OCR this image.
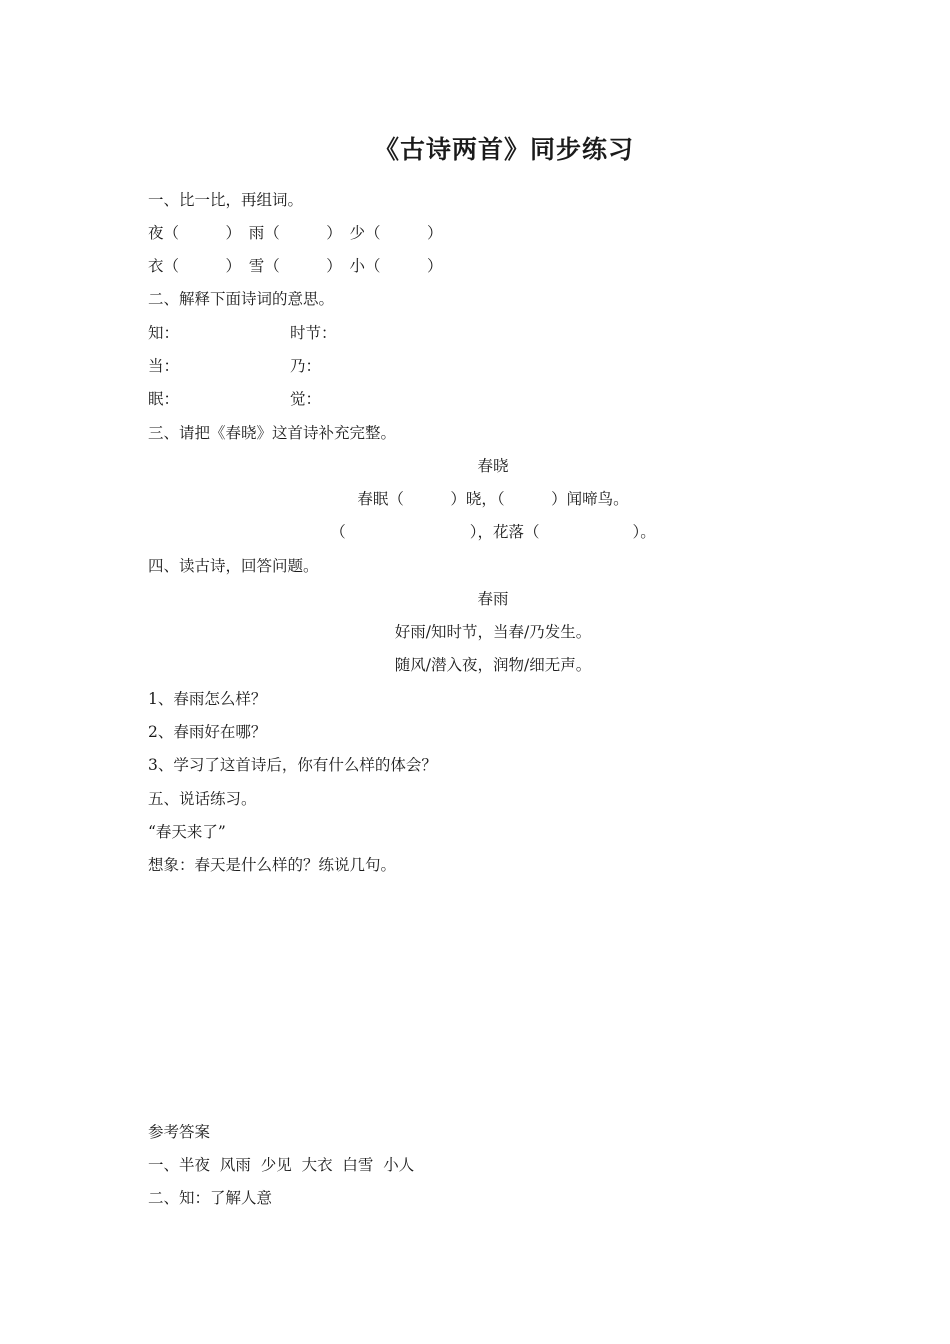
《古诗两首》同步练习
一、比一比，再组词。
夜（　　　）　雨（　　　）　少（　　　）
衣（　　　）　雪（　　　）　小（　　　）
二、解释下面诗词的意思。
知：	时节：
当：	乃：
眠：	觉：
三、请把《春晓》这首诗补充完整。
春晓
春眠（　　　）晓，（　　　）闻啼鸟。
（　　　　　　　　），花落（　　　　　　）。
四、读古诗，回答问题。
春雨
好雨/知时节，当春/乃发生。
随风/潜入夜，润物/细无声。
1、春雨怎么样？
2、春雨好在哪？
3、学习了这首诗后，你有什么样的体会？
五、说话练习。
“春天来了”
想象：春天是什么样的？练说几句。
参考答案
一、半夜  风雨  少见  大衣  白雪  小人
二、知：了解人意
